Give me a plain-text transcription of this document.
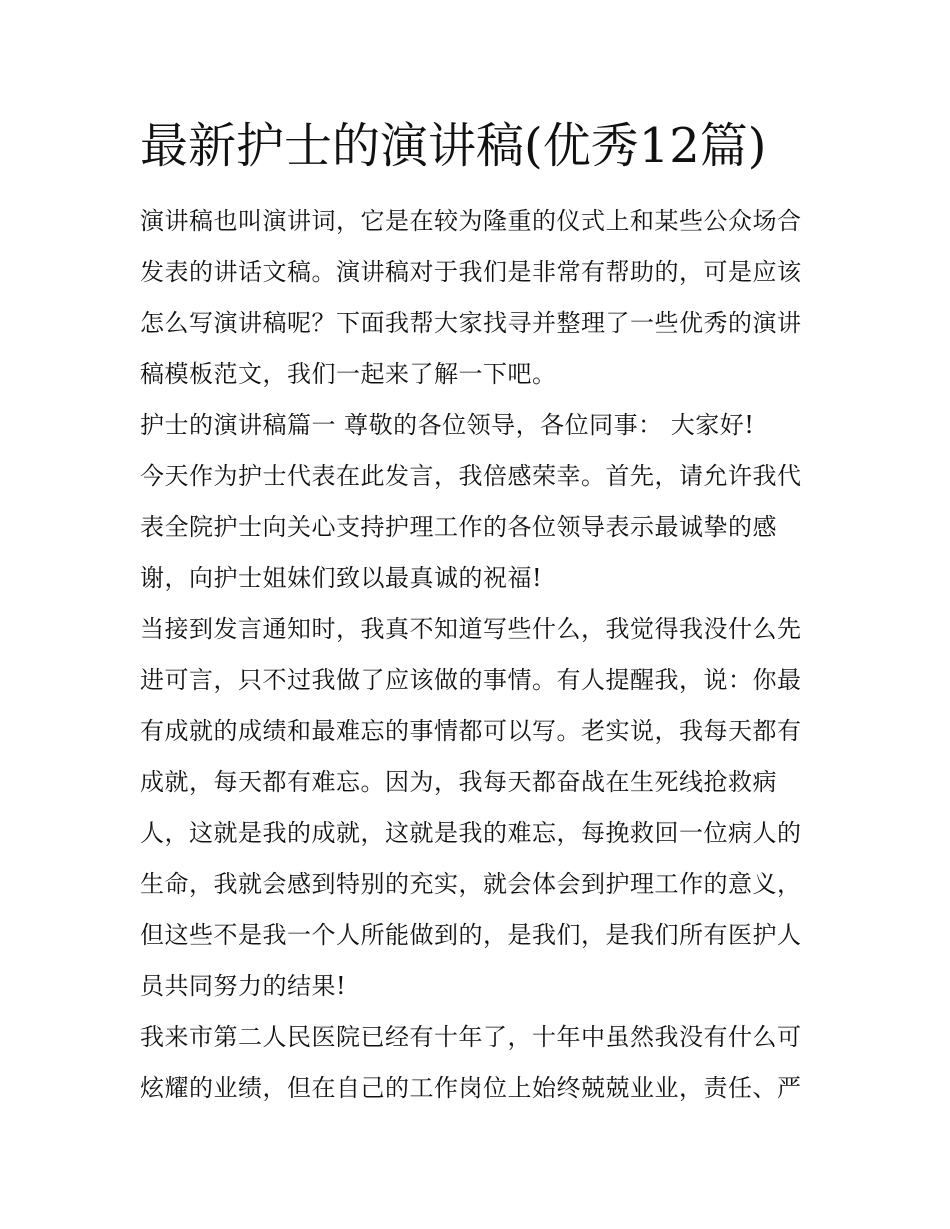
最新护士的演讲稿(优秀12篇)
演讲稿也叫演讲词，它是在较为隆重的仪式上和某些公众场合
发表的讲话文稿。演讲稿对于我们是非常有帮助的，可是应该
怎么写演讲稿呢？下面我帮大家找寻并整理了一些优秀的演讲
稿模板范文，我们一起来了解一下吧。
护士的演讲稿篇一 尊敬的各位领导，各位同事： 大家好!
今天作为护士代表在此发言，我倍感荣幸。首先，请允许我代
表全院护士向关心支持护理工作的各位领导表示最诚挚的感
谢，向护士姐妹们致以最真诚的祝福!
当接到发言通知时，我真不知道写些什么，我觉得我没什么先
进可言，只不过我做了应该做的事情。有人提醒我，说：你最
有成就的成绩和最难忘的事情都可以写。老实说，我每天都有
成就，每天都有难忘。因为，我每天都奋战在生死线抢救病
人，这就是我的成就，这就是我的难忘，每挽救回一位病人的
生命，我就会感到特别的充实，就会体会到护理工作的意义，
但这些不是我一个人所能做到的，是我们，是我们所有医护人
员共同努力的结果!
我来市第二人民医院已经有十年了，十年中虽然我没有什么可
炫耀的业绩，但在自己的工作岗位上始终兢兢业业，责任、严
